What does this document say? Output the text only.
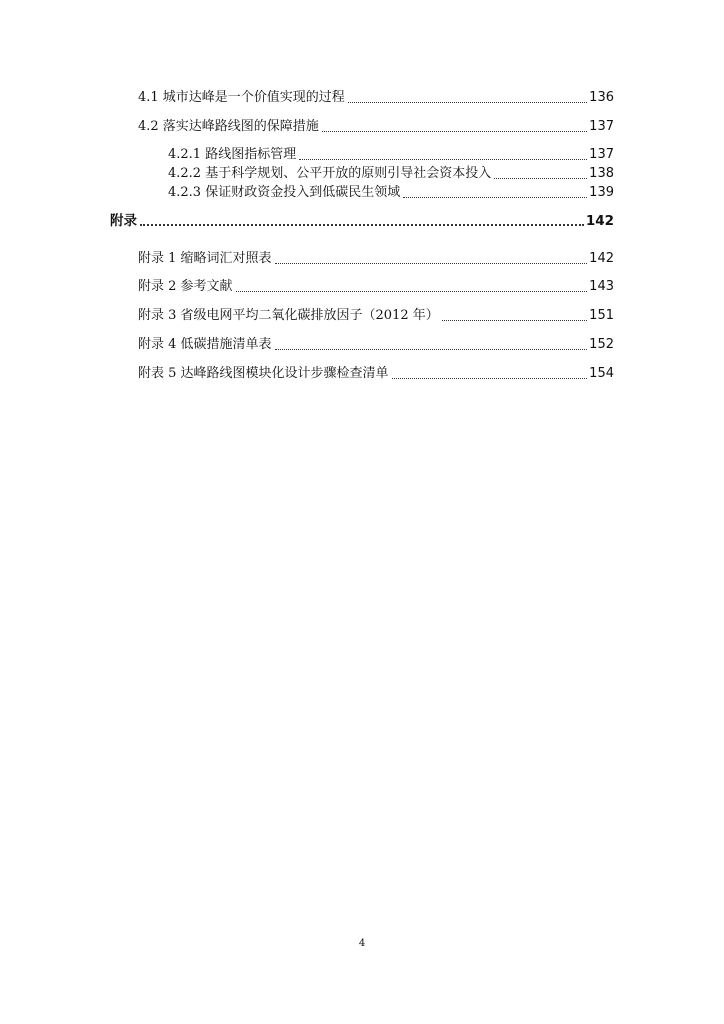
4.1 城市达峰是一个价值实现的过程	136
4.2 落实达峰路线图的保障措施	137
4.2.1 路线图指标管理	137
4.2.2 基于科学规划、公平开放的原则引导社会资本投入	138
4.2.3 保证财政资金投入到低碳民生领域	139
附录	142
附录 1 缩略词汇对照表	142
附录 2 参考文献	143
附录 3 省级电网平均二氧化碳排放因子（2012 年）	151
附录 4 低碳措施清单表	152
附表 5 达峰路线图模块化设计步骤检查清单	154
4
